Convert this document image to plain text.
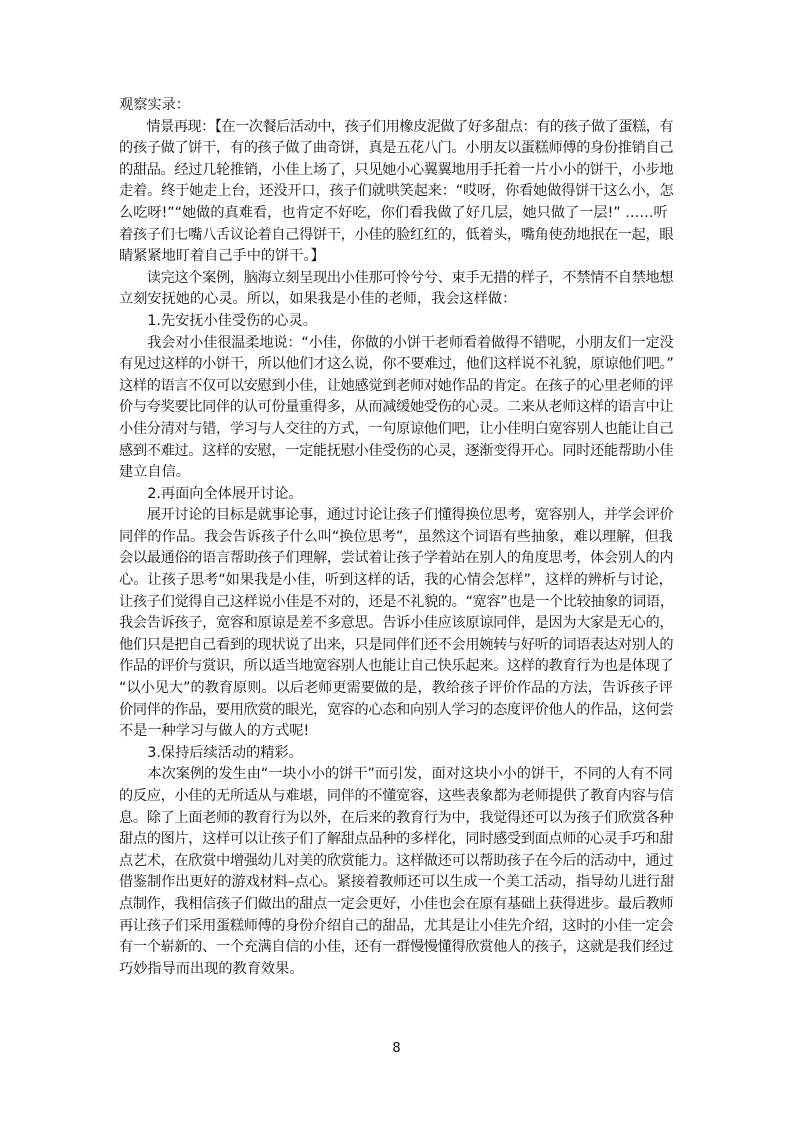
观察实录：
　　情景再现：【在一次餐后活动中，孩子们用橡皮泥做了好多甜点：有的孩子做了蛋糕，有
的孩子做了饼干，有的孩子做了曲奇饼，真是五花八门。小朋友以蛋糕师傅的身份推销自己
的甜品。经过几轮推销，小佳上场了，只见她小心翼翼地用手托着一片小小的饼干，小步地
走着。终于她走上台，还没开口，孩子们就哄笑起来：“哎呀，你看她做得饼干这么小，怎
么吃呀!”“她做的真难看，也肯定不好吃，你们看我做了好几层，她只做了一层!” ……听
着孩子们七嘴八舌议论着自己得饼干，小佳的脸红红的，低着头，嘴角使劲地抿在一起，眼
睛紧紧地盯着自己手中的饼干。】
　　读完这个案例，脑海立刻呈现出小佳那可怜兮兮、束手无措的样子，不禁情不自禁地想
立刻安抚她的心灵。所以，如果我是小佳的老师，我会这样做：
　　1.先安抚小佳受伤的心灵。
　　我会对小佳很温柔地说：“小佳，你做的小饼干老师看着做得不错呢，小朋友们一定没
有见过这样的小饼干，所以他们才这么说，你不要难过，他们这样说不礼貌，原谅他们吧。”
这样的语言不仅可以安慰到小佳，让她感觉到老师对她作品的肯定。在孩子的心里老师的评
价与夸奖要比同伴的认可份量重得多，从而减缓她受伤的心灵。二来从老师这样的语言中让
小佳分清对与错，学习与人交往的方式，一句原谅他们吧，让小佳明白宽容别人也能让自己
感到不难过。这样的安慰，一定能抚慰小佳受伤的心灵，逐渐变得开心。同时还能帮助小佳
建立自信。
　　2.再面向全体展开讨论。
　　展开讨论的目标是就事论事，通过讨论让孩子们懂得换位思考，宽容别人，并学会评价
同伴的作品。我会告诉孩子什么叫“换位思考”，虽然这个词语有些抽象，难以理解，但我
会以最通俗的语言帮助孩子们理解，尝试着让孩子学着站在别人的角度思考，体会别人的内
心。让孩子思考“如果我是小佳，听到这样的话，我的心情会怎样”，这样的辨析与讨论，
让孩子们觉得自己这样说小佳是不对的，还是不礼貌的。“宽容”也是一个比较抽象的词语，
我会告诉孩子，宽容和原谅是差不多意思。告诉小佳应该原谅同伴，是因为大家是无心的，
他们只是把自己看到的现状说了出来，只是同伴们还不会用婉转与好听的词语表达对别人的
作品的评价与赏识，所以适当地宽容别人也能让自己快乐起来。这样的教育行为也是体现了
“以小见大”的教育原则。以后老师更需要做的是，教给孩子评价作品的方法，告诉孩子评
价同伴的作品，要用欣赏的眼光，宽容的心态和向别人学习的态度评价他人的作品，这何尝
不是一种学习与做人的方式呢!
　　3.保持后续活动的精彩。
　　本次案例的发生由“一块小小的饼干”而引发，面对这块小小的饼干，不同的人有不同
的反应，小佳的无所适从与难堪，同伴的不懂宽容，这些表象都为老师提供了教育内容与信
息。除了上面老师的教育行为以外，在后来的教育行为中，我觉得还可以为孩子们欣赏各种
甜点的图片，这样可以让孩子们了解甜点品种的多样化，同时感受到面点师的心灵手巧和甜
点艺术，在欣赏中增强幼儿对美的欣赏能力。这样做还可以帮助孩子在今后的活动中，通过
借鉴制作出更好的游戏材料–点心。紧接着教师还可以生成一个美工活动，指导幼儿进行甜
点制作，我相信孩子们做出的甜点一定会更好，小佳也会在原有基础上获得进步。最后教师
再让孩子们采用蛋糕师傅的身份介绍自己的甜品，尤其是让小佳先介绍，这时的小佳一定会
有一个崭新的、一个充满自信的小佳，还有一群慢慢懂得欣赏他人的孩子，这就是我们经过
巧妙指导而出现的教育效果。
8
